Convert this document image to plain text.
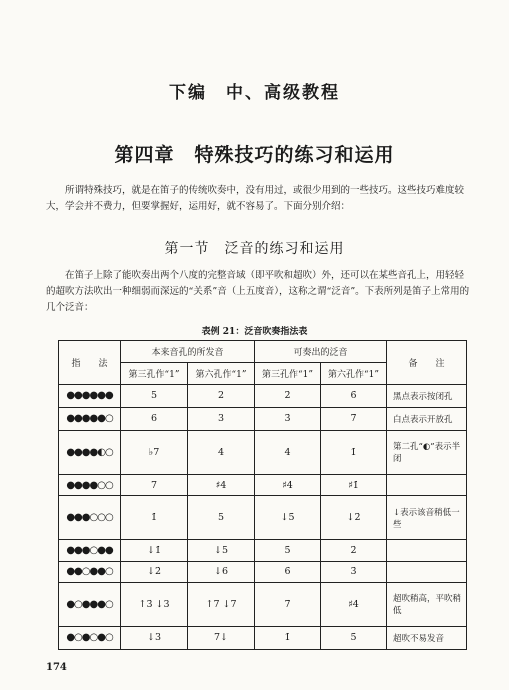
下编　中、高级教程
第四章　特殊技巧的练习和运用
所谓特殊技巧，就是在笛子的传统吹奏中，没有用过，或很少用到的一些技巧。这些技巧难度较大，学会并不费力，但要掌握好，运用好，就不容易了。下面分别介绍：
第一节　泛音的练习和运用
在笛子上除了能吹奏出两个八度的完整音域（即平吹和超吹）外，还可以在某些音孔上，用轻轻的超吹方法吹出一种细弱而深远的“关系”音（上五度音），这称之谓“泛音”。下表所列是笛子上常用的几个泛音：
表例 21：泛音吹奏指法表
指　　法	本来音孔的所发音		可奏出的泛音		备　　注
	第三孔作“1”	第六孔作“1”	第三孔作“1”	第六孔作“1”	
●●●●●●	5	2	2̇	6̇	黑点表示按闭孔
●●●●●○	6	3	3̇	7̇	白点表示开放孔
●●●●◐○	♭7	4	4̇	1̇	第二孔“◐”表示半闭
●●●●○○	7	♯4	♯4̇	♯1̇	
●●●○○○	1̇	5	↓5̇	↓2̇	↓表示该音稍低一些
●●●○●●	↓1̇	↓5	5̇	2̇	
●●○●●○	↓2̇	↓6	6̇	3̇	
●○●●●○	↑3̇ ↓3	↑7 ↓7	7̇	♯4̇	超吹稍高，平吹稍低
●○●○●○	↓3	7↓	1̇	5̇	超吹不易发音
174
